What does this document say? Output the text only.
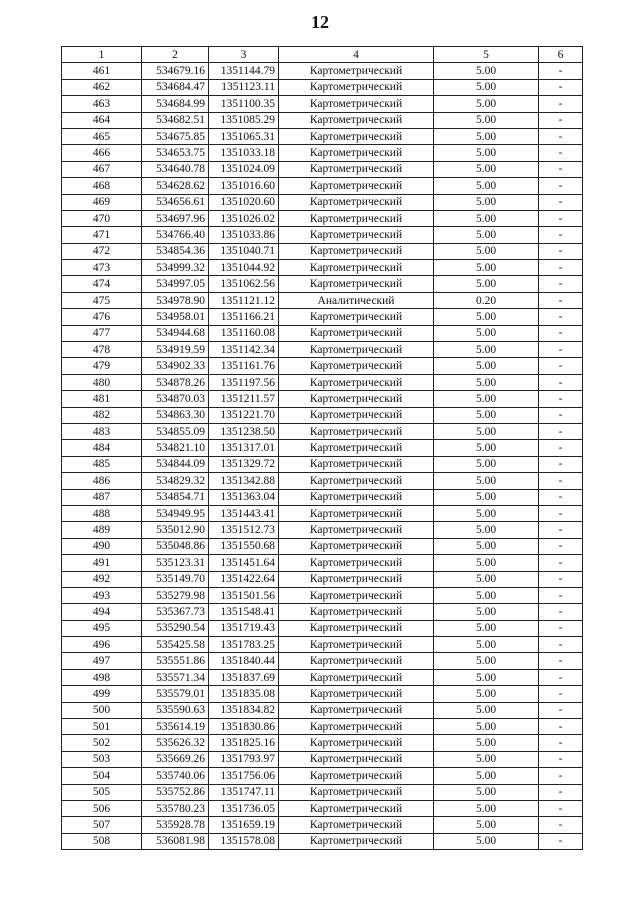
12
1	2	3	4	5	6
461	534679.16	1351144.79	Картометрический	5.00	-
462	534684.47	1351123.11	Картометрический	5.00	-
463	534684.99	1351100.35	Картометрический	5.00	-
464	534682.51	1351085.29	Картометрический	5.00	-
465	534675.85	1351065.31	Картометрический	5.00	-
466	534653.75	1351033.18	Картометрический	5.00	-
467	534640.78	1351024.09	Картометрический	5.00	-
468	534628.62	1351016.60	Картометрический	5.00	-
469	534656.61	1351020.60	Картометрический	5.00	-
470	534697.96	1351026.02	Картометрический	5.00	-
471	534766.40	1351033.86	Картометрический	5.00	-
472	534854.36	1351040.71	Картометрический	5.00	-
473	534999.32	1351044.92	Картометрический	5.00	-
474	534997.05	1351062.56	Картометрический	5.00	-
475	534978.90	1351121.12	Аналитический	0.20	-
476	534958.01	1351166.21	Картометрический	5.00	-
477	534944.68	1351160.08	Картометрический	5.00	-
478	534919.59	1351142.34	Картометрический	5.00	-
479	534902.33	1351161.76	Картометрический	5.00	-
480	534878.26	1351197.56	Картометрический	5.00	-
481	534870.03	1351211.57	Картометрический	5.00	-
482	534863.30	1351221.70	Картометрический	5.00	-
483	534855.09	1351238.50	Картометрический	5.00	-
484	534821.10	1351317.01	Картометрический	5.00	-
485	534844.09	1351329.72	Картометрический	5.00	-
486	534829.32	1351342.88	Картометрический	5.00	-
487	534854.71	1351363.04	Картометрический	5.00	-
488	534949.95	1351443.41	Картометрический	5.00	-
489	535012.90	1351512.73	Картометрический	5.00	-
490	535048.86	1351550.68	Картометрический	5.00	-
491	535123.31	1351451.64	Картометрический	5.00	-
492	535149.70	1351422.64	Картометрический	5.00	-
493	535279.98	1351501.56	Картометрический	5.00	-
494	535367.73	1351548.41	Картометрический	5.00	-
495	535290.54	1351719.43	Картометрический	5.00	-
496	535425.58	1351783.25	Картометрический	5.00	-
497	535551.86	1351840.44	Картометрический	5.00	-
498	535571.34	1351837.69	Картометрический	5.00	-
499	535579.01	1351835.08	Картометрический	5.00	-
500	535590.63	1351834.82	Картометрический	5.00	-
501	535614.19	1351830.86	Картометрический	5.00	-
502	535626.32	1351825.16	Картометрический	5.00	-
503	535669.26	1351793.97	Картометрический	5.00	-
504	535740.06	1351756.06	Картометрический	5.00	-
505	535752.86	1351747.11	Картометрический	5.00	-
506	535780.23	1351736.05	Картометрический	5.00	-
507	535928.78	1351659.19	Картометрический	5.00	-
508	536081.98	1351578.08	Картометрический	5.00	-
